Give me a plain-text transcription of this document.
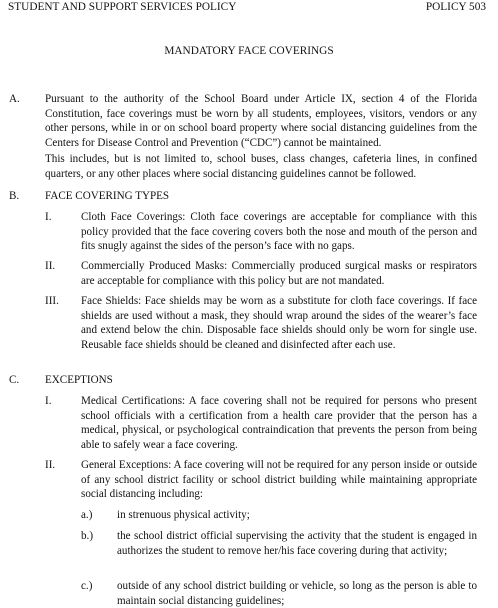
STUDENT AND SUPPORT SERVICES POLICY	POLICY 503
MANDATORY FACE COVERINGS
A. Pursuant to the authority of the School Board under Article IX, section 4 of the Florida Constitution, face coverings must be worn by all students, employees, visitors, vendors or any other persons, while in or on school board property where social distancing guidelines from the Centers for Disease Control and Prevention (“CDC”) cannot be maintained.
This includes, but is not limited to, school buses, class changes, cafeteria lines, in confined quarters, or any other places where social distancing guidelines cannot be followed.
B. FACE COVERING TYPES
I.	Cloth Face Coverings: Cloth face coverings are acceptable for compliance with this policy provided that the face covering covers both the nose and mouth of the person and fits snugly against the sides of the person’s face with no gaps.
II. Commercially Produced Masks: Commercially produced surgical masks or respirators are acceptable for compliance with this policy but are not mandated.
III. Face Shields: Face shields may be worn as a substitute for cloth face coverings. If face shields are used without a mask, they should wrap around the sides of the wearer’s face and extend below the chin. Disposable face shields should only be worn for single use. Reusable face shields should be cleaned and disinfected after each use.
C. EXCEPTIONS
I.	Medical Certifications: A face covering shall not be required for persons who present school officials with a certification from a health care provider that the person has a medical, physical, or psychological contraindication that prevents the person from being able to safely wear a face covering.
II. General Exceptions: A face covering will not be required for any person inside or outside of any school district facility or school district building while maintaining appropriate social distancing including:
a.) in strenuous physical activity;
b.) the school district official supervising the activity that the student is engaged in authorizes the student to remove her/his face covering during that activity;
c.) outside of any school district building or vehicle, so long as the person is able to maintain social distancing guidelines;
